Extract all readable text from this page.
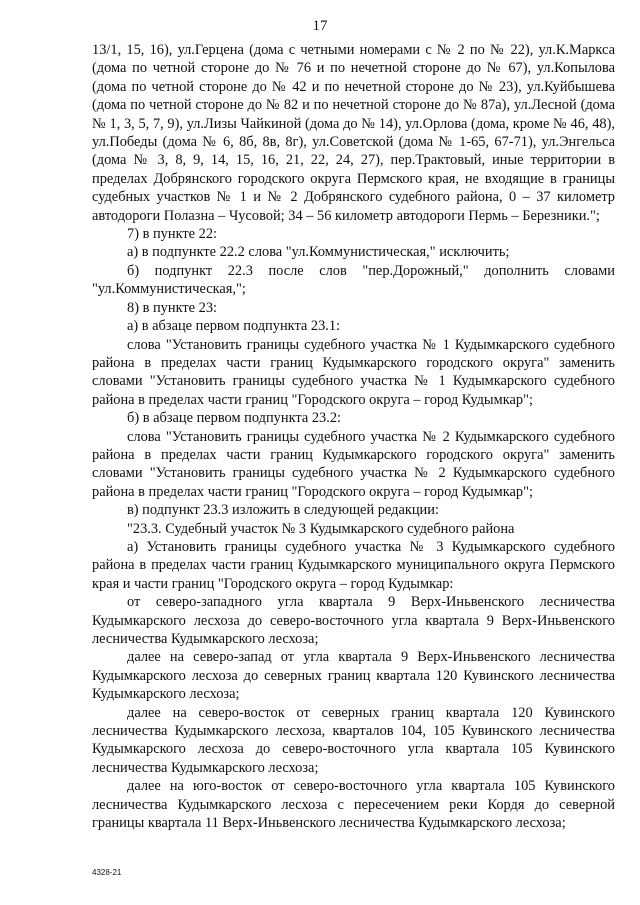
17

13/1, 15, 16), ул.Герцена (дома с четными номерами с № 2 по № 22), ул.К.Маркса (дома по четной стороне до № 76 и по нечетной стороне до № 67), ул.Копылова (дома по четной стороне до № 42 и по нечетной стороне до № 23), ул.Куйбышева (дома по четной стороне до № 82 и по нечетной стороне до № 87а), ул.Лесной (дома № 1, 3, 5, 7, 9), ул.Лизы Чайкиной (дома до № 14), ул.Орлова (дома, кроме № 46, 48), ул.Победы (дома № 6, 8б, 8в, 8г), ул.Советской (дома № 1-65, 67-71), ул.Энгельса (дома № 3, 8, 9, 14, 15, 16, 21, 22, 24, 27), пер.Трактовый, иные территории в пределах Добрянского городского округа Пермского края, не входящие в границы судебных участков № 1 и № 2 Добрянского судебного района, 0 – 37 километр автодороги Полазна – Чусовой; 34 – 56 километр автодороги Пермь – Березники.";

7) в пункте 22:

а) в подпункте 22.2 слова "ул.Коммунистическая," исключить;

б) подпункт 22.3 после слов "пер.Дорожный," дополнить словами "ул.Коммунистическая,";

8) в пункте 23:

а) в абзаце первом подпункта 23.1:

слова "Установить границы судебного участка № 1 Кудымкарского судебного района в пределах части границ Кудымкарского городского округа" заменить словами "Установить границы судебного участка № 1 Кудымкарского судебного района в пределах части границ "Городского округа – город Кудымкар";

б) в абзаце первом подпункта 23.2:

слова "Установить границы судебного участка № 2 Кудымкарского судебного района в пределах части границ Кудымкарского городского округа" заменить словами "Установить границы судебного участка № 2 Кудымкарского судебного района в пределах части границ "Городского округа – город Кудымкар";

в) подпункт 23.3 изложить в следующей редакции:

"23.3. Судебный участок № 3 Кудымкарского судебного района

а) Установить границы судебного участка № 3 Кудымкарского судебного района в пределах части границ Кудымкарского муниципального округа Пермского края и части границ "Городского округа – город Кудымкар:

от северо-западного угла квартала 9 Верх-Иньвенского лесничества Кудымкарского лесхоза до северо-восточного угла квартала 9 Верх-Иньвенского лесничества Кудымкарского лесхоза;

далее на северо-запад от угла квартала 9 Верх-Иньвенского лесничества Кудымкарского лесхоза до северных границ квартала 120 Кувинского лесничества Кудымкарского лесхоза;

далее на северо-восток от северных границ квартала 120 Кувинского лесничества Кудымкарского лесхоза, кварталов 104, 105 Кувинского лесничества Кудымкарского лесхоза до северо-восточного угла квартала 105 Кувинского лесничества Кудымкарского лесхоза;

далее на юго-восток от северо-восточного угла квартала 105 Кувинского лесничества Кудымкарского лесхоза с пересечением реки Кордя до северной границы квартала 11 Верх-Иньвенского лесничества Кудымкарского лесхоза;

4328-21
